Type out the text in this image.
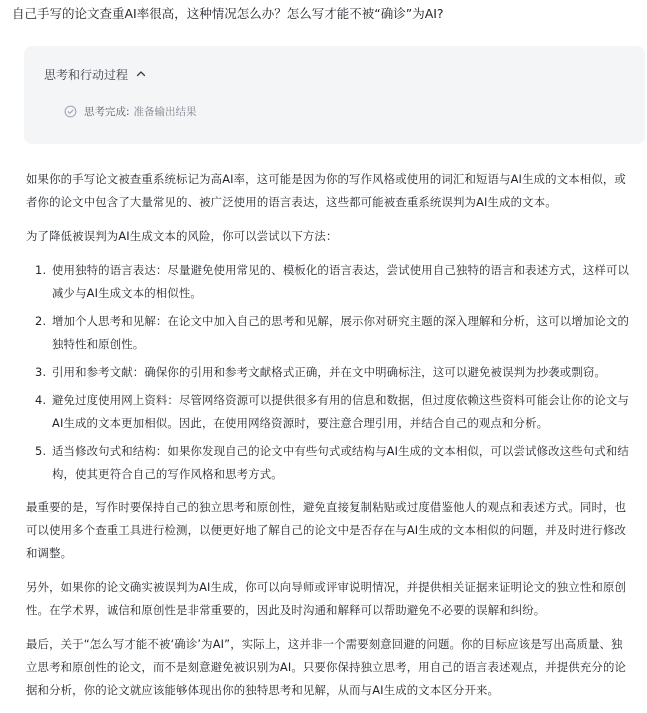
自己手写的论文查重AI率很高，这种情况怎么办？怎么写才能不被“确诊”为AI?
思考和行动过程
思考完成: 准备输出结果

如果你的手写论文被查重系统标记为高AI率，这可能是因为你的写作风格或使用的词汇和短语与AI生成的文本相似，或者你的论文中包含了大量常见的、被广泛使用的语言表达，这些都可能被查重系统误判为AI生成的文本。

为了降低被误判为AI生成文本的风险，你可以尝试以下方法：

1. 使用独特的语言表达：尽量避免使用常见的、模板化的语言表达，尝试使用自己独特的语言和表述方式，这样可以减少与AI生成文本的相似性。
2. 增加个人思考和见解：在论文中加入自己的思考和见解，展示你对研究主题的深入理解和分析，这可以增加论文的独特性和原创性。
3. 引用和参考文献：确保你的引用和参考文献格式正确，并在文中明确标注，这可以避免被误判为抄袭或剽窃。
4. 避免过度使用网上资料：尽管网络资源可以提供很多有用的信息和数据，但过度依赖这些资料可能会让你的论文与AI生成的文本更加相似。因此，在使用网络资源时，要注意合理引用，并结合自己的观点和分析。
5. 适当修改句式和结构：如果你发现自己的论文中有些句式或结构与AI生成的文本相似，可以尝试修改这些句式和结构，使其更符合自己的写作风格和思考方式。

最重要的是，写作时要保持自己的独立思考和原创性，避免直接复制粘贴或过度借鉴他人的观点和表述方式。同时，也可以使用多个查重工具进行检测，以便更好地了解自己的论文中是否存在与AI生成的文本相似的问题，并及时进行修改和调整。

另外，如果你的论文确实被误判为AI生成，你可以向导师或评审说明情况，并提供相关证据来证明论文的独立性和原创性。在学术界，诚信和原创性是非常重要的，因此及时沟通和解释可以帮助避免不必要的误解和纠纷。

最后，关于“怎么写才能不被‘确诊’为AI”，实际上，这并非一个需要刻意回避的问题。你的目标应该是写出高质量、独立思考和原创性的论文，而不是刻意避免被识别为AI。只要你保持独立思考，用自己的语言表述观点，并提供充分的论据和分析，你的论文就应该能够体现出你的独特思考和见解，从而与AI生成的文本区分开来。
